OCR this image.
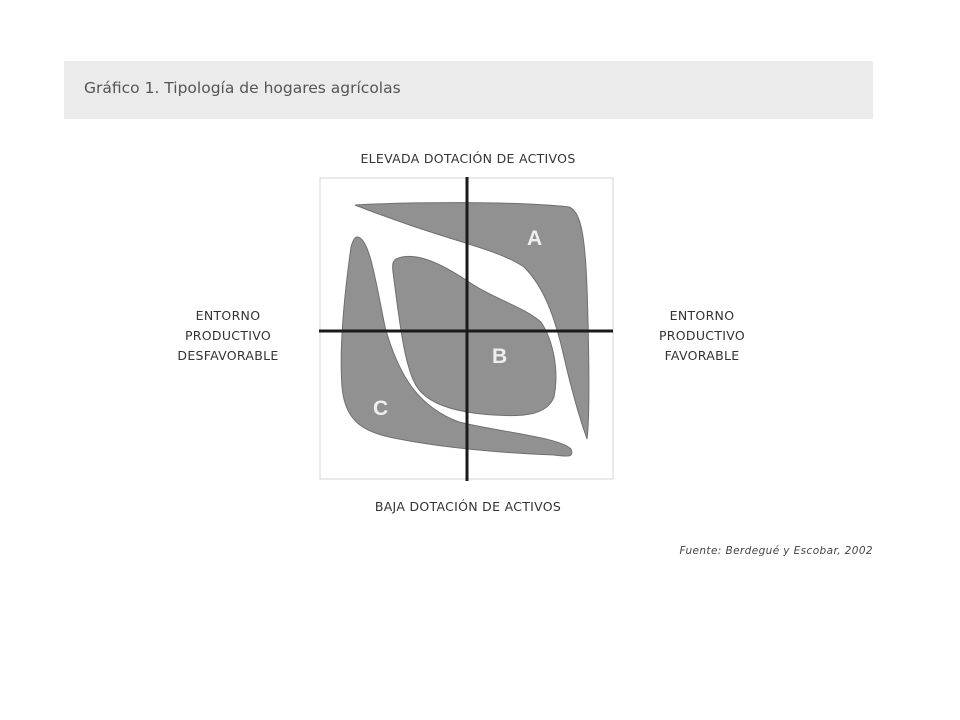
Gráfico 1. Tipología de hogares agrícolas
ELEVADA DOTACIÓN DE ACTIVOS
ENTORNO PRODUCTIVO DESFAVORABLE
ENTORNO PRODUCTIVO FAVORABLE
BAJA DOTACIÓN DE ACTIVOS
A
B
C
Fuente: Berdegué y Escobar, 2002
